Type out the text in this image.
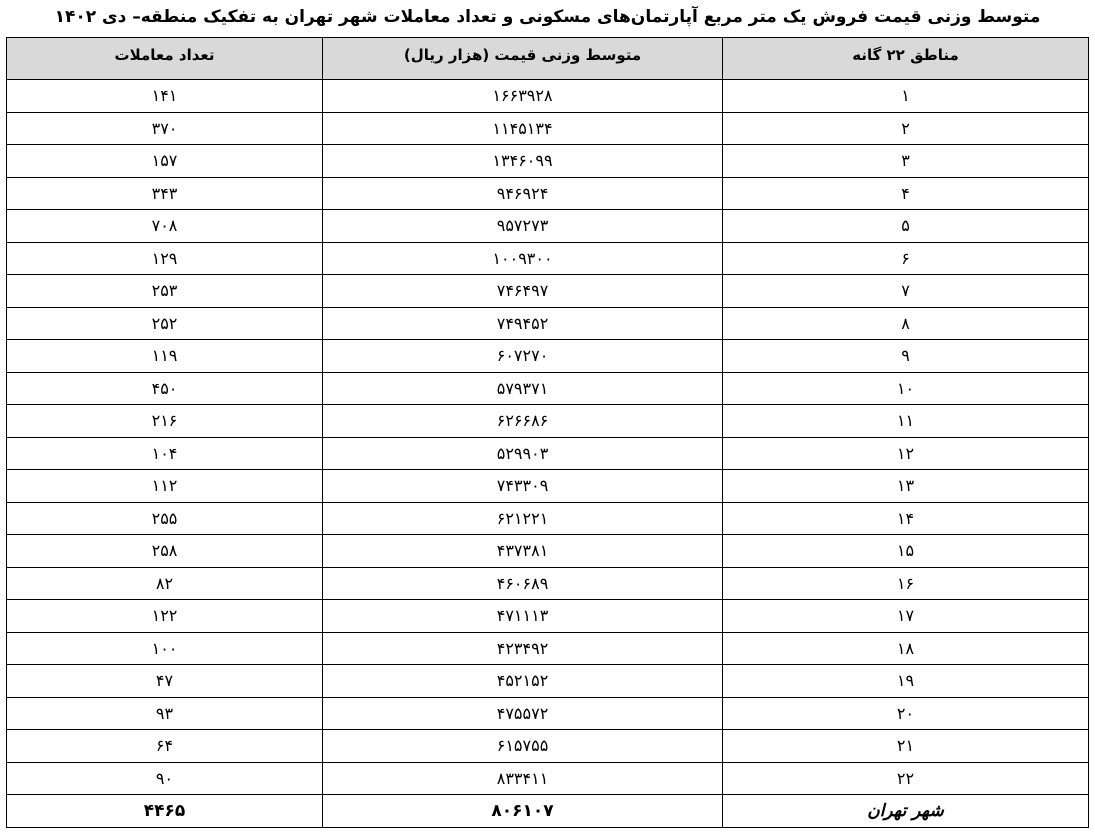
متوسط وزنی قیمت فروش یک متر مربع آپارتمان‌های مسکونی و تعداد معاملات شهر تهران به تفکیک منطقه– دی ۱۴۰۲
مناطق ۲۲ گانه	متوسط وزنی قیمت (هزار ریال)	تعداد معاملات
۱	۱۶۶۳۹۲۸	۱۴۱
۲	۱۱۴۵۱۳۴	۳۷۰
۳	۱۳۴۶۰۹۹	۱۵۷
۴	۹۴۶۹۲۴	۳۴۳
۵	۹۵۷۲۷۳	۷۰۸
۶	۱۰۰۹۳۰۰	۱۲۹
۷	۷۴۶۴۹۷	۲۵۳
۸	۷۴۹۴۵۲	۲۵۲
۹	۶۰۷۲۷۰	۱۱۹
۱۰	۵۷۹۳۷۱	۴۵۰
۱۱	۶۲۶۶۸۶	۲۱۶
۱۲	۵۲۹۹۰۳	۱۰۴
۱۳	۷۴۳۳۰۹	۱۱۲
۱۴	۶۲۱۲۲۱	۲۵۵
۱۵	۴۳۷۳۸۱	۲۵۸
۱۶	۴۶۰۶۸۹	۸۲
۱۷	۴۷۱۱۱۳	۱۲۲
۱۸	۴۲۳۴۹۲	۱۰۰
۱۹	۴۵۲۱۵۲	۴۷
۲۰	۴۷۵۵۷۲	۹۳
۲۱	۶۱۵۷۵۵	۶۴
۲۲	۸۳۳۴۱۱	۹۰
شهر تهران	۸۰۶۱۰۷	۴۴۶۵
